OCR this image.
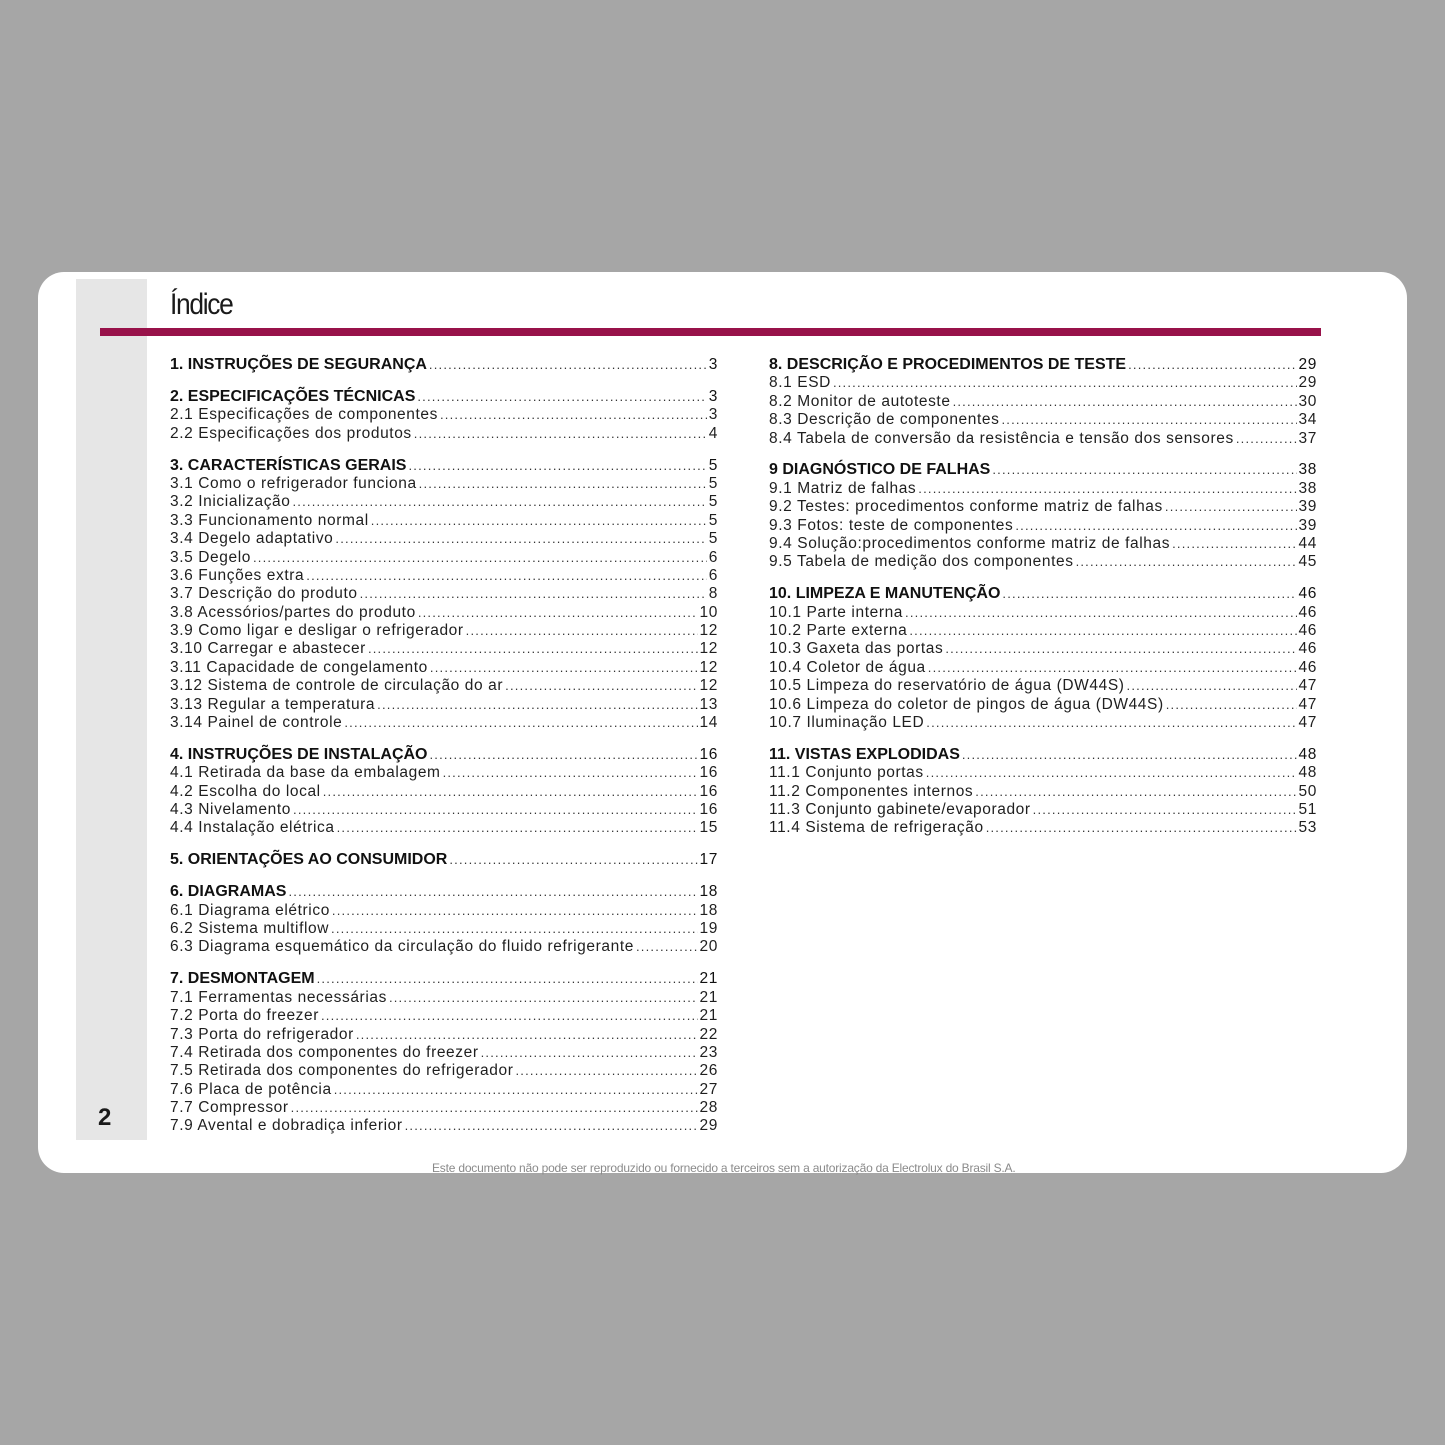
2
Índice
1. INSTRUÇÕES DE SEGURANÇA .....	3
2. ESPECIFICAÇÕES TÉCNICAS .....	3
2.1 Especificações de componentes .....	3
2.2 Especificações dos produtos .....	4
3. CARACTERÍSTICAS GERAIS .....	5
3.1 Como o refrigerador funciona .....	5
3.2 Inicialização .....	5
3.3 Funcionamento normal .....	5
3.4 Degelo adaptativo .....	5
3.5 Degelo .....	6
3.6 Funções extra .....	6
3.7 Descrição do produto .....	8
3.8 Acessórios/partes do produto .....	10
3.9 Como ligar e desligar o refrigerador .....	12
3.10 Carregar e abastecer .....	12
3.11 Capacidade de congelamento .....	12
3.12 Sistema de controle de circulação do ar .....	12
3.13 Regular a temperatura .....	13
3.14 Painel de controle .....	14
4. INSTRUÇÕES DE INSTALAÇÃO .....	16
4.1 Retirada da base da embalagem .....	16
4.2 Escolha do local .....	16
4.3 Nivelamento .....	16
4.4 Instalação elétrica .....	15
5. ORIENTAÇÕES AO CONSUMIDOR .....	17
6. DIAGRAMAS .....	18
6.1 Diagrama elétrico .....	18
6.2 Sistema multiflow .....	19
6.3 Diagrama esquemático da circulação do fluido refrigerante .....	20
7. DESMONTAGEM .....	21
7.1 Ferramentas necessárias .....	21
7.2 Porta do freezer .....	21
7.3 Porta do refrigerador .....	22
7.4 Retirada dos componentes do freezer .....	23
7.5 Retirada dos componentes do refrigerador .....	26
7.6 Placa de potência .....	27
7.7 Compressor .....	28
7.9 Avental e dobradiça inferior .....	29
8. DESCRIÇÃO E PROCEDIMENTOS DE TESTE .....	29
8.1 ESD .....	29
8.2 Monitor de autoteste .....	30
8.3 Descrição de componentes .....	34
8.4 Tabela de conversão da resistência e tensão dos sensores .....	37
9 DIAGNÓSTICO DE FALHAS .....	38
9.1 Matriz de falhas .....	38
9.2 Testes: procedimentos conforme matriz de falhas .....	39
9.3 Fotos: teste de componentes .....	39
9.4 Solução:procedimentos conforme matriz de falhas .....	44
9.5 Tabela de medição dos componentes .....	45
10. LIMPEZA E MANUTENÇÃO .....	46
10.1 Parte interna .....	46
10.2 Parte externa .....	46
10.3 Gaxeta das portas .....	46
10.4 Coletor de água .....	46
10.5 Limpeza do reservatório de água (DW44S) .....	47
10.6 Limpeza do coletor de pingos de água (DW44S) .....	47
10.7 Iluminação LED .....	47
11. VISTAS EXPLODIDAS .....	48
11.1 Conjunto portas .....	48
11.2 Componentes internos .....	50
11.3 Conjunto gabinete/evaporador .....	51
11.4 Sistema de refrigeração .....	53
Este documento não pode ser reproduzido ou fornecido a terceiros sem a autorização da Electrolux do Brasil S.A.
